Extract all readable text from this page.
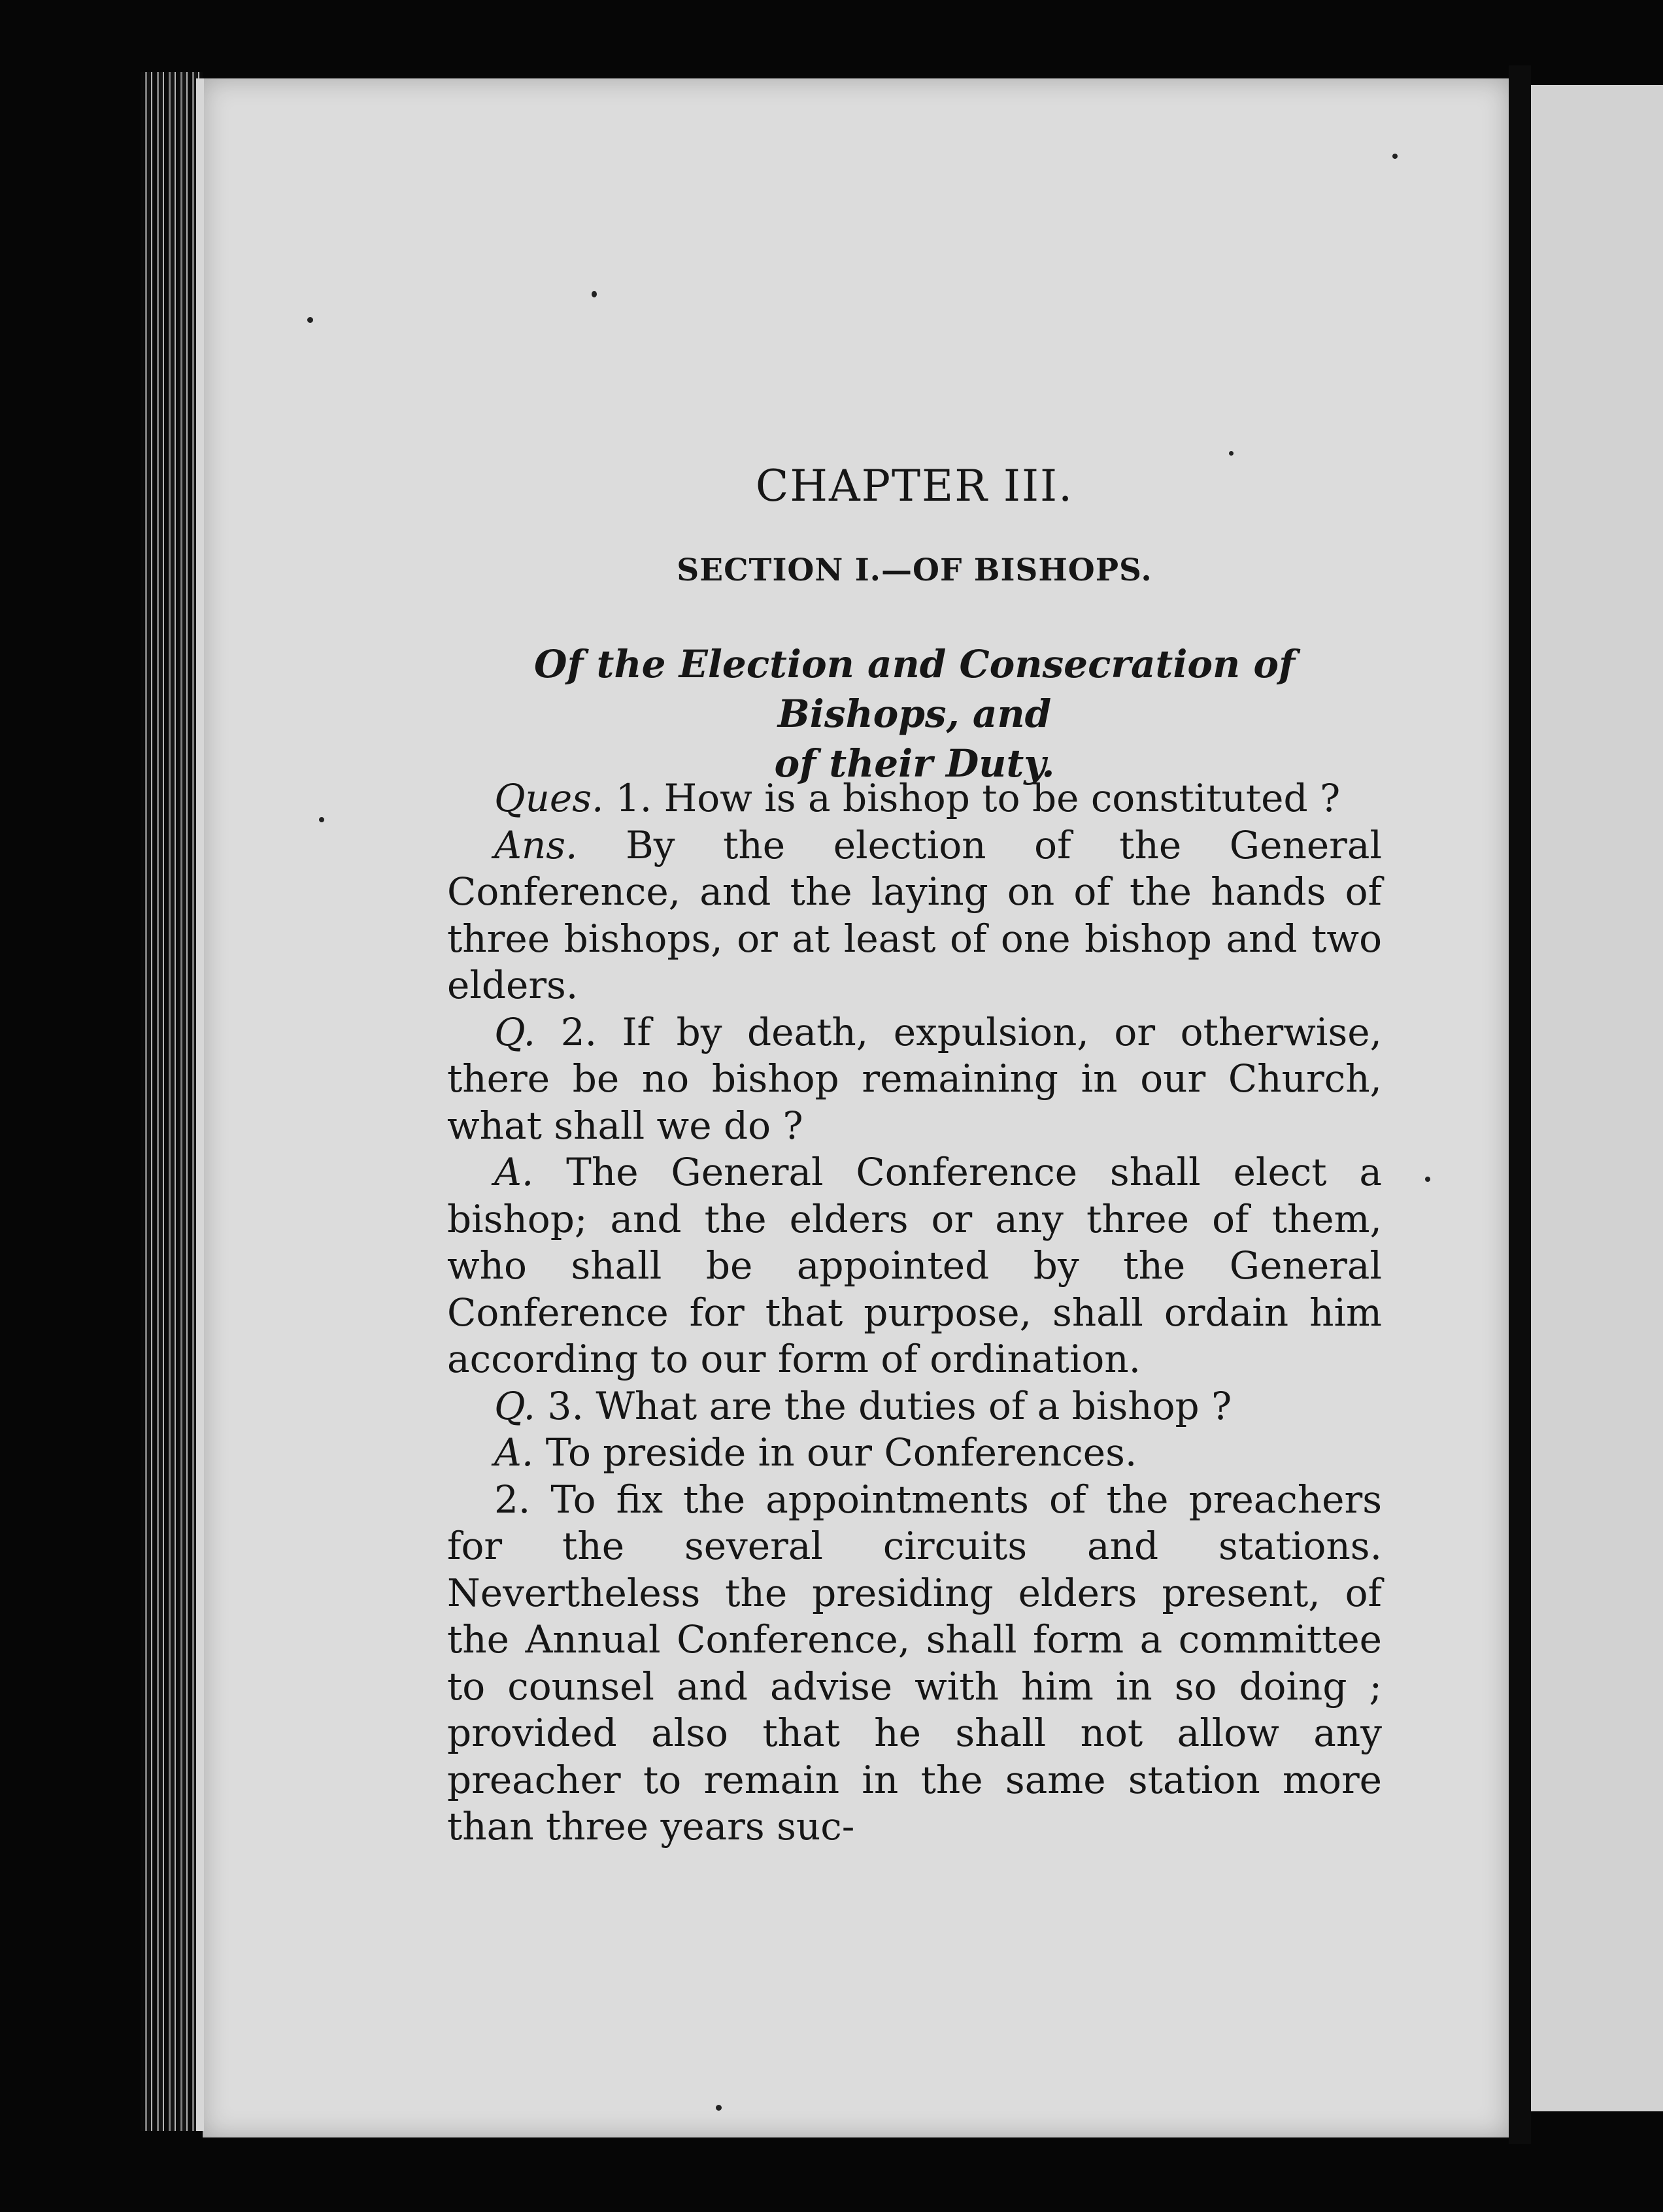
CHAPTER III.
SECTION I.—OF BISHOPS.
Of the Election and Consecration of Bishops, and
of their Duty.

Ques. 1. How is a bishop to be constituted ?

Ans. By the election of the General Conference, and the laying on of the hands of three bishops, or at least of one bishop and two elders.

Q. 2. If by death, expulsion, or otherwise, there be no bishop remaining in our Church, what shall we do ?

A. The General Conference shall elect a bishop; and the elders or any three of them, who shall be appointed by the General Conference for that purpose, shall ordain him according to our form of ordination.

Q. 3. What are the duties of a bishop ?

A. To preside in our Conferences.

2. To fix the appointments of the preachers for the several circuits and stations. Nevertheless the presiding elders present, of the Annual Conference, shall form a committee to counsel and advise with him in so doing ; provided also that he shall not allow any preacher to remain in the same station more than three years suc-
